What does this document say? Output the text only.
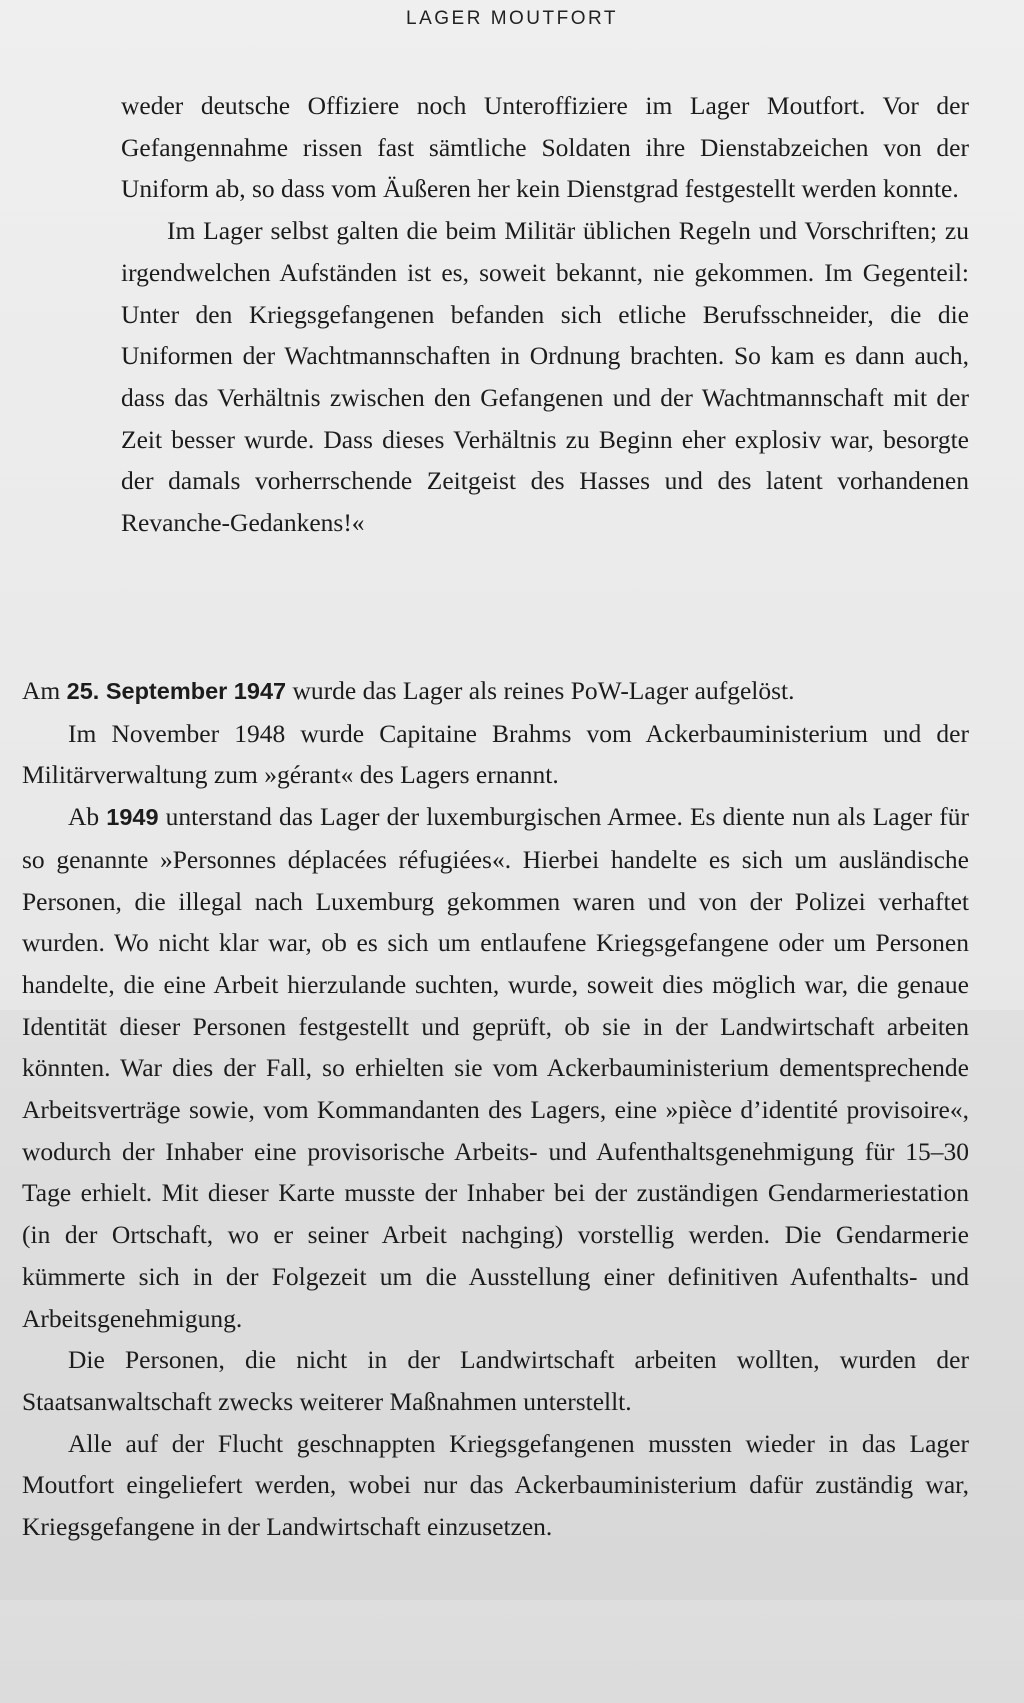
LAGER MOUTFORT

weder deutsche Offiziere noch Unteroffiziere im Lager Moutfort. Vor der Gefangennahme rissen fast sämtliche Soldaten ihre Dienstabzeichen von der Uniform ab, so dass vom Äußeren her kein Dienstgrad festgestellt werden konnte.

Im Lager selbst galten die beim Militär üblichen Regeln und Vorschriften; zu irgendwelchen Aufständen ist es, soweit bekannt, nie gekommen. Im Gegenteil: Unter den Kriegsgefangenen befanden sich etliche Berufsschneider, die die Uniformen der Wachtmannschaften in Ordnung brachten. So kam es dann auch, dass das Verhältnis zwischen den Gefangenen und der Wachtmannschaft mit der Zeit besser wurde. Dass dieses Verhältnis zu Beginn eher explosiv war, besorgte der damals vorherrschende Zeitgeist des Hasses und des latent vorhandenen Revanche-Gedankens!«

Am 25. September 1947 wurde das Lager als reines PoW-Lager aufgelöst.

Im November 1948 wurde Capitaine Brahms vom Ackerbauministerium und der Militärverwaltung zum »gérant« des Lagers ernannt.

Ab 1949 unterstand das Lager der luxemburgischen Armee. Es diente nun als Lager für so genannte »Personnes déplacées réfugiées«. Hierbei handelte es sich um ausländische Personen, die illegal nach Luxemburg gekommen waren und von der Polizei verhaftet wurden. Wo nicht klar war, ob es sich um entlaufene Kriegsgefangene oder um Personen handelte, die eine Arbeit hierzulande suchten, wurde, soweit dies möglich war, die genaue Identität dieser Personen festgestellt und geprüft, ob sie in der Landwirtschaft arbeiten könnten. War dies der Fall, so erhielten sie vom Ackerbauministerium dementsprechende Arbeitsverträge sowie, vom Kommandanten des Lagers, eine »pièce d’identité provisoire«, wodurch der Inhaber eine provisorische Arbeits- und Aufenthaltsgenehmigung für 15–30 Tage erhielt. Mit dieser Karte musste der Inhaber bei der zuständigen Gendarmeriestation (in der Ortschaft, wo er seiner Arbeit nachging) vorstellig werden. Die Gendarmerie kümmerte sich in der Folgezeit um die Ausstellung einer definitiven Aufenthalts- und Arbeitsgenehmigung.

Die Personen, die nicht in der Landwirtschaft arbeiten wollten, wurden der Staatsanwaltschaft zwecks weiterer Maßnahmen unterstellt.

Alle auf der Flucht geschnappten Kriegsgefangenen mussten wieder in das Lager Moutfort eingeliefert werden, wobei nur das Ackerbauministerium dafür zuständig war, Kriegsgefangene in der Landwirtschaft einzusetzen.
